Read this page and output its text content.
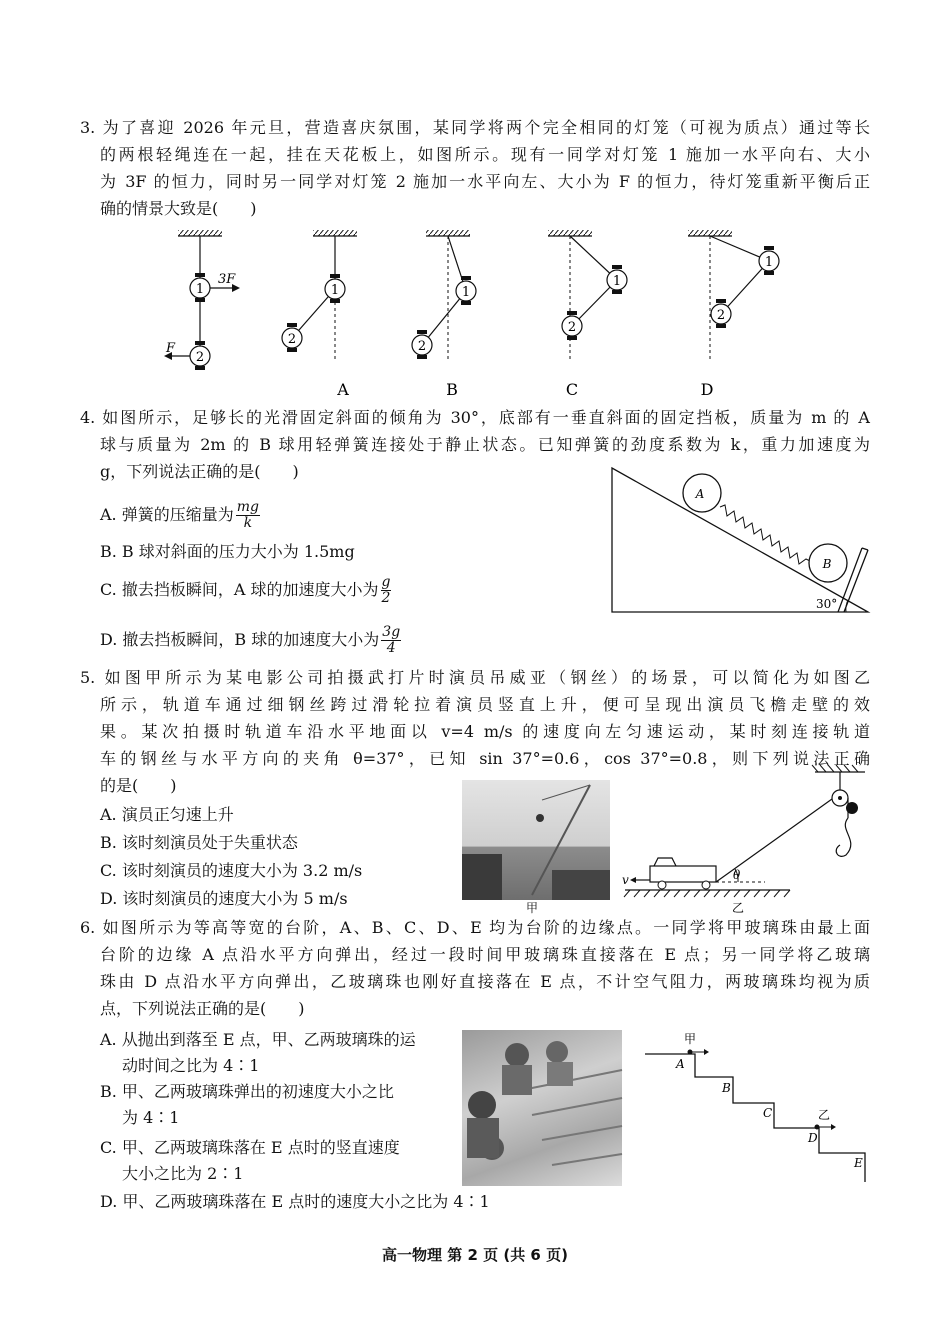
3. 为了喜迎 2026 年元旦，营造喜庆氛围，某同学将两个完全相同的灯笼（可视为质点）通过等长
的两根轻绳连在一起，挂在天花板上，如图所示。现有一同学对灯笼 1 施加一水平向右、大小
为 3F 的恒力，同时另一同学对灯笼 2 施加一水平向左、大小为 F 的恒力，待灯笼重新平衡后正
确的情景大致是(　　)
1
2
3F
F
1
2
A
1
2
B
1
2
C
1
2
D
4. 如图所示，足够长的光滑固定斜面的倾角为 30°，底部有一垂直斜面的固定挡板，质量为 m 的 A
球与质量为 2m 的 B 球用轻弹簧连接处于静止状态。已知弹簧的劲度系数为 k，重力加速度为
g，下列说法正确的是(　　)
A. 弹簧的压缩量为 $\frac{mg}{k}$
B. B 球对斜面的压力大小为 1.5mg
C. 撤去挡板瞬间，A 球的加速度大小为 $\frac{g}{2}$
D. 撤去挡板瞬间，B 球的加速度大小为 $\frac{3g}{4}$
A
B
30°
5. 如图甲所示为某电影公司拍摄武打片时演员吊威亚（钢丝）的场景，可以简化为如图乙
所示，轨道车通过细钢丝跨过滑轮拉着演员竖直上升，便可呈现出演员飞檐走壁的效
果。某次拍摄时轨道车沿水平地面以 v=4 m/s 的速度向左匀速运动，某时刻连接轨道
车的钢丝与水平方向的夹角 θ=37°，已知 sin 37°=0.6，cos 37°=0.8，则下列说法正确
的是(　　)
A. 演员正匀速上升
B. 该时刻演员处于失重状态
C. 该时刻演员的速度大小为 3.2 m/s
D. 该时刻演员的速度大小为 5 m/s	甲
θ
v
乙
6. 如图所示为等高等宽的台阶，A、B、C、D、E 均为台阶的边缘点。一同学将甲玻璃珠由最上面
台阶的边缘 A 点沿水平方向弹出，经过一段时间甲玻璃珠直接落在 E 点；另一同学将乙玻璃
珠由 D 点沿水平方向弹出，乙玻璃珠也刚好直接落在 E 点，不计空气阻力，两玻璃珠均视为质
点，下列说法正确的是(　　)
A. 从抛出到落至 E 点，甲、乙两玻璃珠的运
动时间之比为 4∶1
B. 甲、乙两玻璃珠弹出的初速度大小之比
为 4∶1
C. 甲、乙两玻璃珠落在 E 点时的竖直速度
大小之比为 2∶1
D. 甲、乙两玻璃珠落在 E 点时的速度大小之比为 4∶1
甲
乙
A
B
C
D
E
高一物理 第 2 页 (共 6 页)
